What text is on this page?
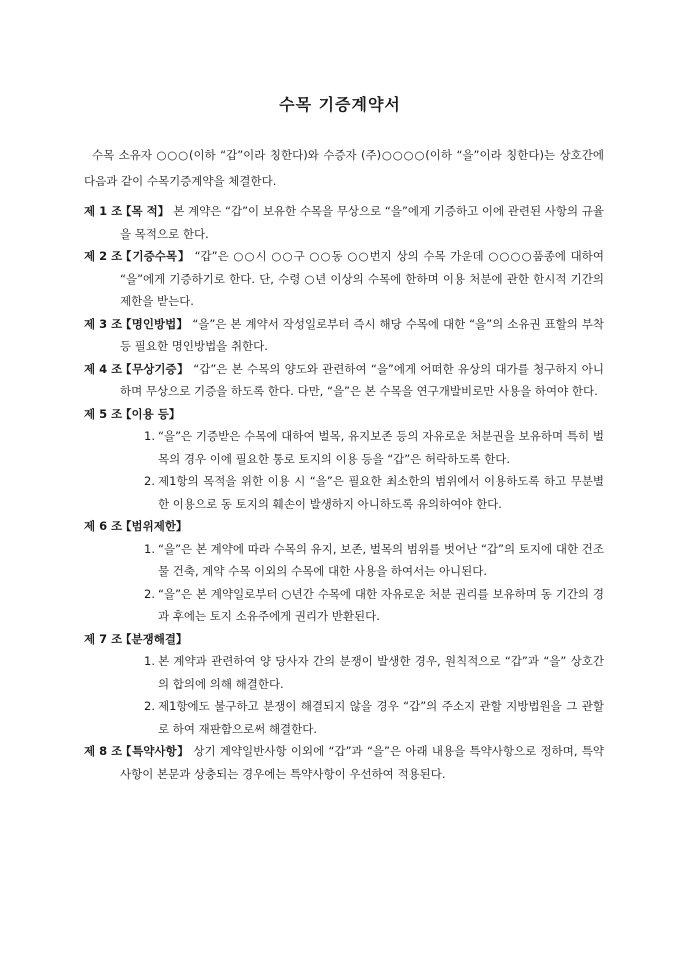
수목 기증계약서
수목 소유자 ○○○(이하 “갑”이라 칭한다)와 수증자 (주)○○○○(이하 “을”이라 칭한다)는 상호간에 다음과 같이 수목기증계약을 체결한다.
제 1 조
【목 적】 본 계약은 “갑”이 보유한 수목을 무상으로 “을”에게 기증하고 이에 관련된 사항의 규율을 목적으로 한다.
제 2 조
【기증수목】 “갑”은 ○○시 ○○구 ○○동 ○○번지 상의 수목 가운데 ○○○○품종에 대하여 “을”에게 기증하기로 한다. 단, 수령 ○년 이상의 수목에 한하며 이용 처분에 관한 한시적 기간의 제한을 받는다.
제 3 조
【명인방법】 “을”은 본 계약서 작성일로부터 즉시 해당 수목에 대한 “을”의 소유권 표할의 부착 등 필요한 명인방법을 취한다.
제 4 조
【무상기증】 “갑”은 본 수목의 양도와 관련하여 “을”에게 어떠한 유상의 대가를 청구하지 아니하며 무상으로 기증을 하도록 한다. 다만, “을”은 본 수목을 연구개발비로만 사용을 하여야 한다.
제 5 조
【이용 등】
1. “을”은 기증받은 수목에 대하여 벌목, 유지보존 등의 자유로운 처분권을 보유하며 특히 벌목의 경우 이에 필요한 통로 토지의 이용 등을 “갑”은 허락하도록 한다.
2. 제1항의 목적을 위한 이용 시 “을”은 필요한 최소한의 범위에서 이용하도록 하고 무분별한 이용으로 동 토지의 훼손이 발생하지 아니하도록 유의하여야 한다.
제 6 조
【범위제한】
1. “을”은 본 계약에 따라 수목의 유지, 보존, 벌목의 범위를 벗어난 “갑”의 토지에 대한 건조물 건축, 계약 수목 이외의 수목에 대한 사용을 하여서는 아니된다.
2. “을”은 본 계약일로부터 ○년간 수목에 대한 자유로운 처분 권리를 보유하며 동 기간의 경과 후에는 토지 소유주에게 권리가 반환된다.
제 7 조
【분쟁해결】
1. 본 계약과 관련하여 양 당사자 간의 분쟁이 발생한 경우, 원칙적으로 “갑”과 “을” 상호간의 합의에 의해 해결한다.
2. 제1항에도 불구하고 분쟁이 해결되지 않을 경우 “갑”의 주소지 관할 지방법원을 그 관할로 하여 재판함으로써 해결한다.
제 8 조
【특약사항】 상기 계약일반사항 이외에 “갑”과 “을”은 아래 내용을 특약사항으로 정하며, 특약사항이 본문과 상충되는 경우에는 특약사항이 우선하여 적용된다.
